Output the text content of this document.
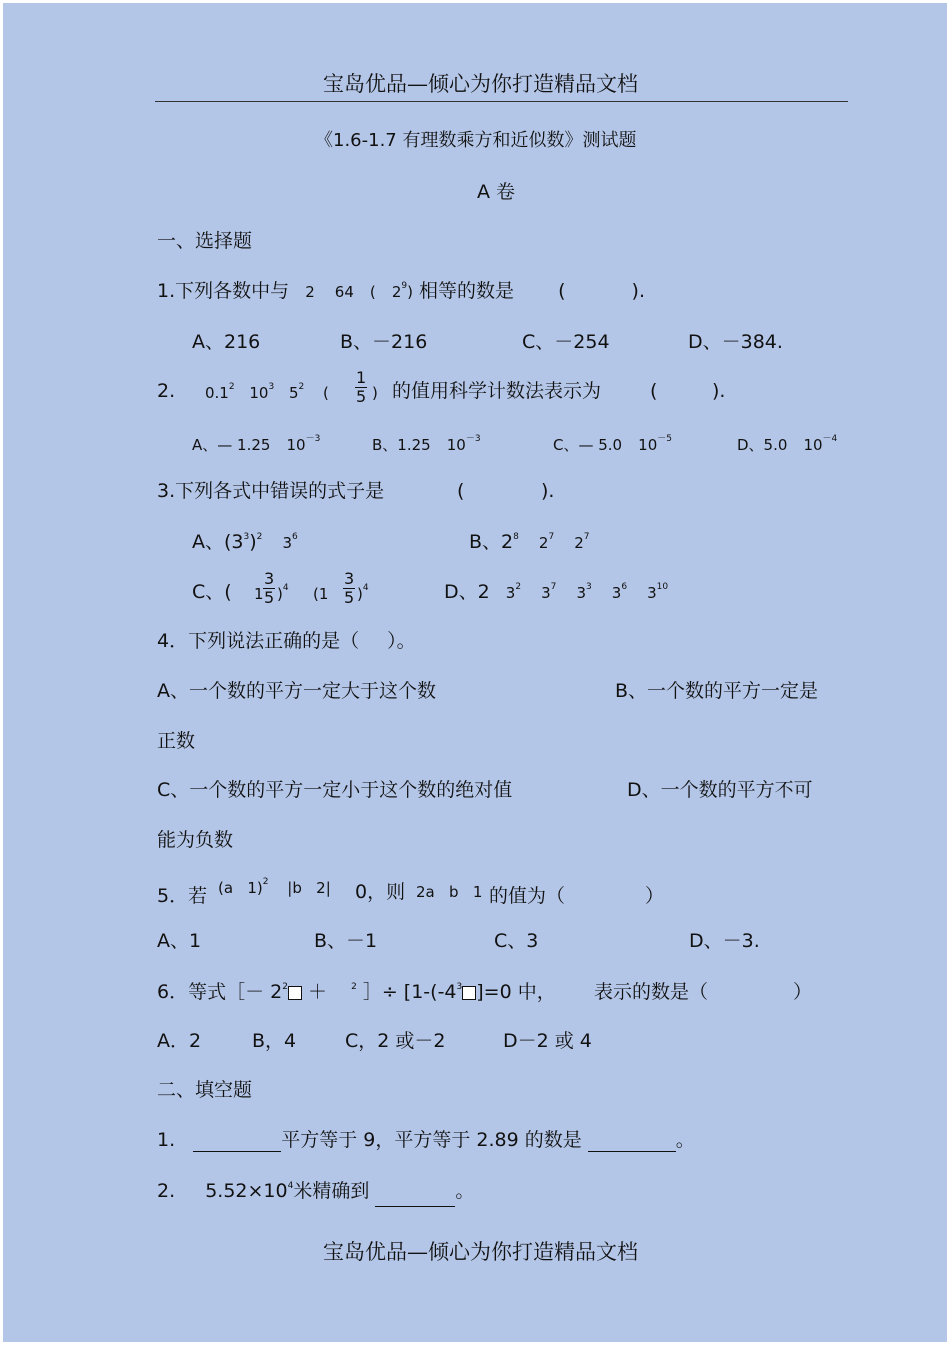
宝岛优品—倾心为你打造精品文档
《1.6-1.7 有理数乘方和近似数》测试题
A 卷
一、选择题
1.下列各数中与 2 64 ( $2^9$) 相等的数是 (	).
A、216	B、－216	C、－254	D、－384.
2. $0.1^2$ $10^3$ $5^2$ ( $\frac{1}{5}$ ) 的值用科学计数法表示为	(	).
A、— 1.25 $10^{-3}$	B、1.25 $10^{-3}$	C、— 5.0 $10^{-5}$	D、5.0 $10^{-4}$
3.下列各式中错误的式子是	(	).
A、$(3^3)^2$ $3^6$	B、$2^8$ $2^7$ $2^7$
C、( $1 \frac{3}{5} )^4$ $(1 \frac{3}{5} )^4$	D、2 $3^2$ $3^7$ $3^3$ $3^6$ $3^{10}$
4．下列说法正确的是（ ）。
A、一个数的平方一定大于这个数	B、一个数的平方一定是
正数
C、一个数的平方一定小于这个数的绝对值	D、一个数的平方不可
能为负数
5．若 (a   1)$^2$ |b   2| 0，则 2a   b   1 的值为（	）
A、1	B、－1	C、3	D、－3.
6．等式［－ $2^2$ ＋	$^2$ ］÷ [$1-(-4^3$ ]=0 中， 表示的数是（	）
A．2	B，4	C，2 或－2	D－2 或 4
二、填空题
1.	平方等于 9，平方等于 2.89 的数是	。
2. $5.52\times 10^4$米精确到	。
宝岛优品—倾心为你打造精品文档
